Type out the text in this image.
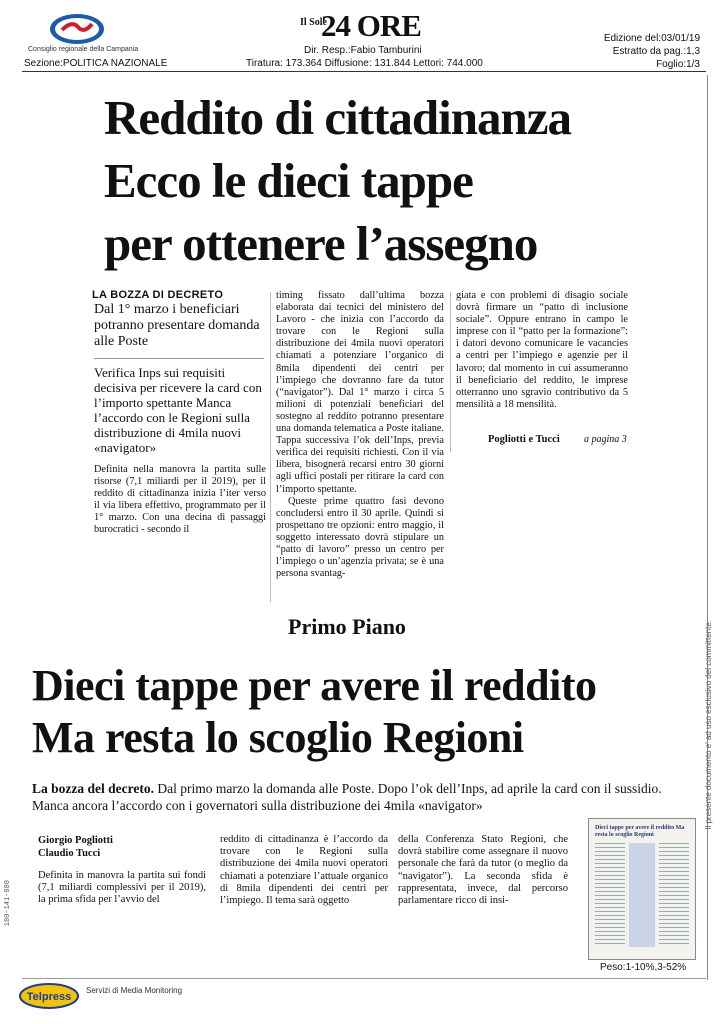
Consiglio regionale della Campania
Sezione:POLITICA NAZIONALE
Il Sole
24 ORE
Dir. Resp.:Fabio Tamburini
Tiratura: 173.364 Diffusione: 131.844 Lettori: 744.000
Edizione del:03/01/19
Estratto da pag.:1,3
Foglio:1/3
Il presente documento e' ad uso esclusivo del committente.
180-141-080
Reddito di cittadinanza
Ecco le dieci tappe
per ottenere l’assegno
LA BOZZA DI DECRETO
Dal 1° marzo i beneficiari potranno presentare domanda alle Poste
Verifica Inps sui requisiti decisiva per ricevere la card con l’importo spettante Manca l’accordo con le Regioni sulla distribuzione di 4mila nuovi «navigator»
Definita nella manovra la partita sulle risorse (7,1 miliardi per il 2019), per il reddito di cittadinanza inizia l’iter verso il via libera effettivo, programmato per il 1° marzo. Con una decina di passaggi burocratici - secondo il
timing fissato dall’ultima bozza elaborata dai tecnici del ministero del Lavoro - che inizia con l’accordo da trovare con le Regioni sulla distribuzione dei 4mila nuovi operatori chiamati a potenziare l’organico di 8mila dipendenti dei centri per l’impiego che dovranno fare da tutor (“navigator”). Dal 1° marzo i circa 5 milioni di potenziali beneficiari del sostegno al reddito potranno presentare una domanda telematica a Poste italiane. Tappa successiva l’ok dell’Inps, previa verifica dei requisiti richiesti. Con il via libera, bisognerà recarsi entro 30 giorni agli uffici postali per ritirare la card con l’importo spettante.
Queste prime quattro fasi devono concludersi entro il 30 aprile. Quindi si prospettano tre opzioni: entro maggio, il soggetto interessato dovrà stipulare un “patto di lavoro” presso un centro per l’impiego o un’agenzia privata; se è una persona svantag-
giata e con problemi di disagio sociale dovrà firmare un “patto di inclusione sociale”. Oppure entrano in campo le imprese con il “patto per la formazione”: i datori devono comunicare le vacancies a centri per l’impiego e agenzie per il lavoro; dal momento in cui assumeranno il beneficiario del reddito, le imprese otterranno uno sgravio contributivo da 5 mensilità a 18 mensilità.
Pogliotti e Tucci a pagina 3
Primo Piano
Dieci tappe per avere il reddito
Ma resta lo scoglio Regioni
La bozza del decreto. Dal primo marzo la domanda alle Poste. Dopo l’ok dell’Inps, ad aprile la card con il sussidio. Manca ancora l’accordo con i governatori sulla distribuzione dei 4mila «navigator»
Giorgio Pogliotti
Claudio Tucci
Definita in manovra la partita sui fondi (7,1 miliardi complessivi per il 2019), la prima sfida per l’avvio del
reddito di cittadinanza è l’accordo da trovare con le Regioni sulla distribuzione dei 4mila nuovi operatori chiamati a potenziare l’attuale organico di 8mila dipendenti dei centri per l’impiego. Il tema sarà oggetto
della Conferenza Stato Regioni, che dovrà stabilire come assegnare il nuovo personale che farà da tutor (o meglio da “navigator”). La seconda sfida è rappresentata, invece, dal percorso parlamentare ricco di insi-
Dieci tappe per avere il reddito Ma resta lo scoglio Regioni
Peso:1-10%,3-52%
Telpress
Servizi di Media Monitoring
